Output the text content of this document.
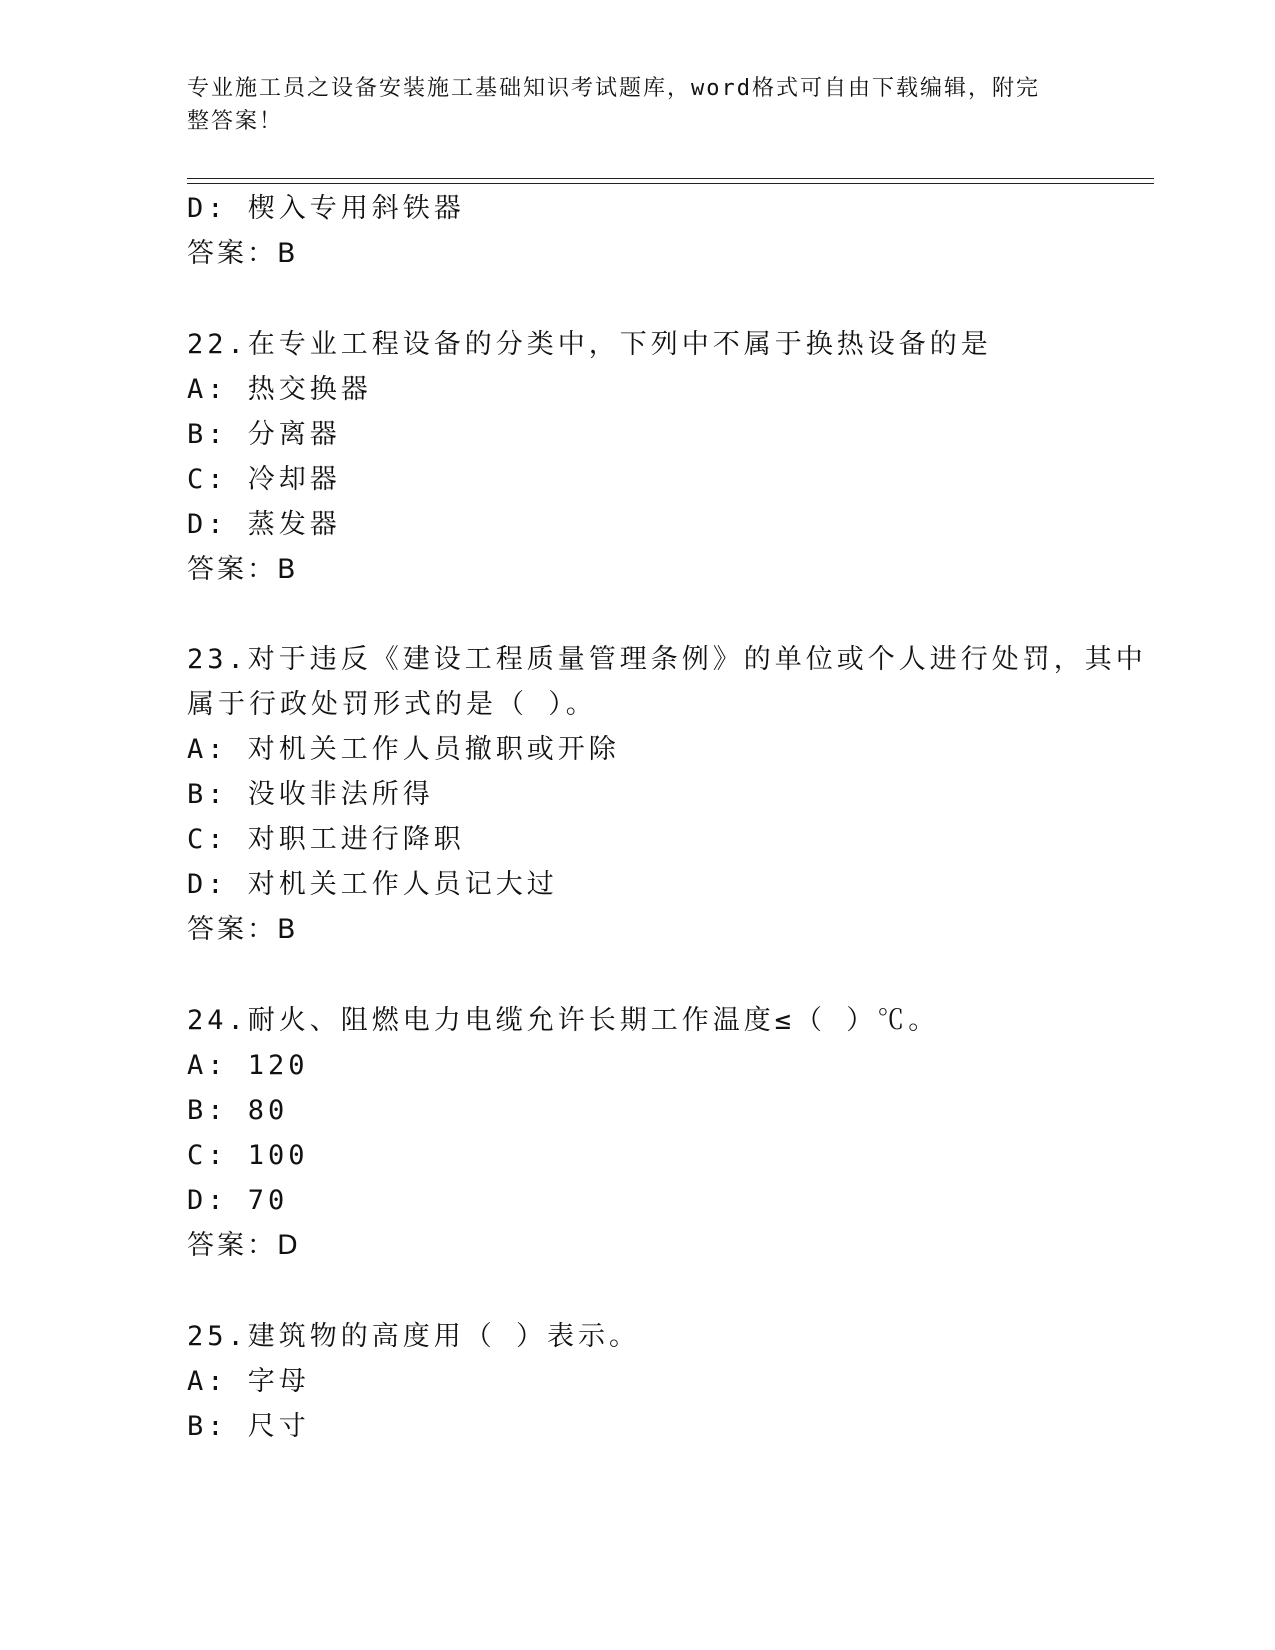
专业施工员之设备安装施工基础知识考试题库，word格式可自由下载编辑，附完
整答案！
D: 楔入专用斜铁器
答案：B
22.在专业工程设备的分类中，下列中不属于换热设备的是
A: 热交换器
B: 分离器
C: 冷却器
D: 蒸发器
答案：B
23.对于违反《建设工程质量管理条例》的单位或个人进行处罚，其中
属于行政处罚形式的是（ ）。
A: 对机关工作人员撤职或开除
B: 没收非法所得
C: 对职工进行降职
D: 对机关工作人员记大过
答案：B
24.耐火、阻燃电力电缆允许长期工作温度≤（ ）℃。
A: 120
B: 80
C: 100
D: 70
答案：D
25.建筑物的高度用（ ）表示。
A: 字母
B: 尺寸
